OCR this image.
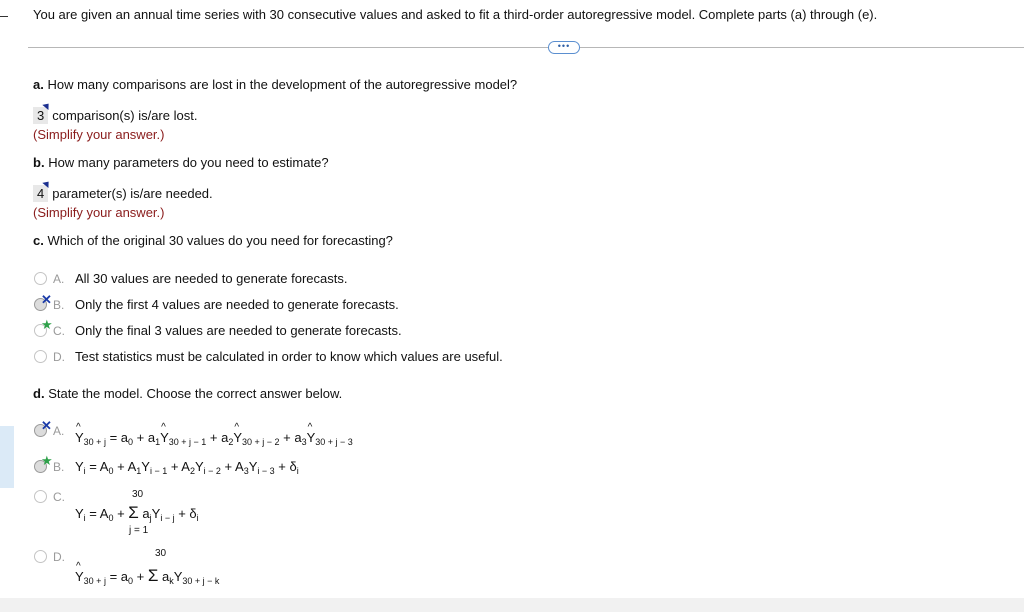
You are given an annual time series with 30 consecutive values and asked to fit a third-order autoregressive model. Complete parts (a) through (e).
•••
a. How many comparisons are lost in the development of the autoregressive model?
3 comparison(s) is/are lost.
(Simplify your answer.)
b. How many parameters do you need to estimate?
4 parameter(s) is/are needed.
(Simplify your answer.)
c. Which of the original 30 values do you need for forecasting?
A. All 30 values are needed to generate forecasts.
✕ B. Only the first 4 values are needed to generate forecasts.
★ C. Only the final 3 values are needed to generate forecasts.
D. Test statistics must be calculated in order to know which values are useful.
d. State the model. Choose the correct answer below.
✕ A.
^ $Y_{30 + j} = a_0$ + $a_1\^{}$ $Y_{30 + j - 1}$ + $a_2\^{}$ $Y_{30 + j - 2}$ + $a_3\^{}$ $Y_{30 + j - 3}$
★ B. $Y_i = A_0 + A_1Y_{i - 1} + A_2Y_{i - 2} + A_3Y_{i - 3} + \delta_i$
C.	30
$Y_i = A_0 + \Sigma$ $a_jY_{i - j} + \delta_i$
j = 1
D.	30
^ $Y_{30 + j} = a_0 + \Sigma$ $a_kY_{30 + j - k}$
